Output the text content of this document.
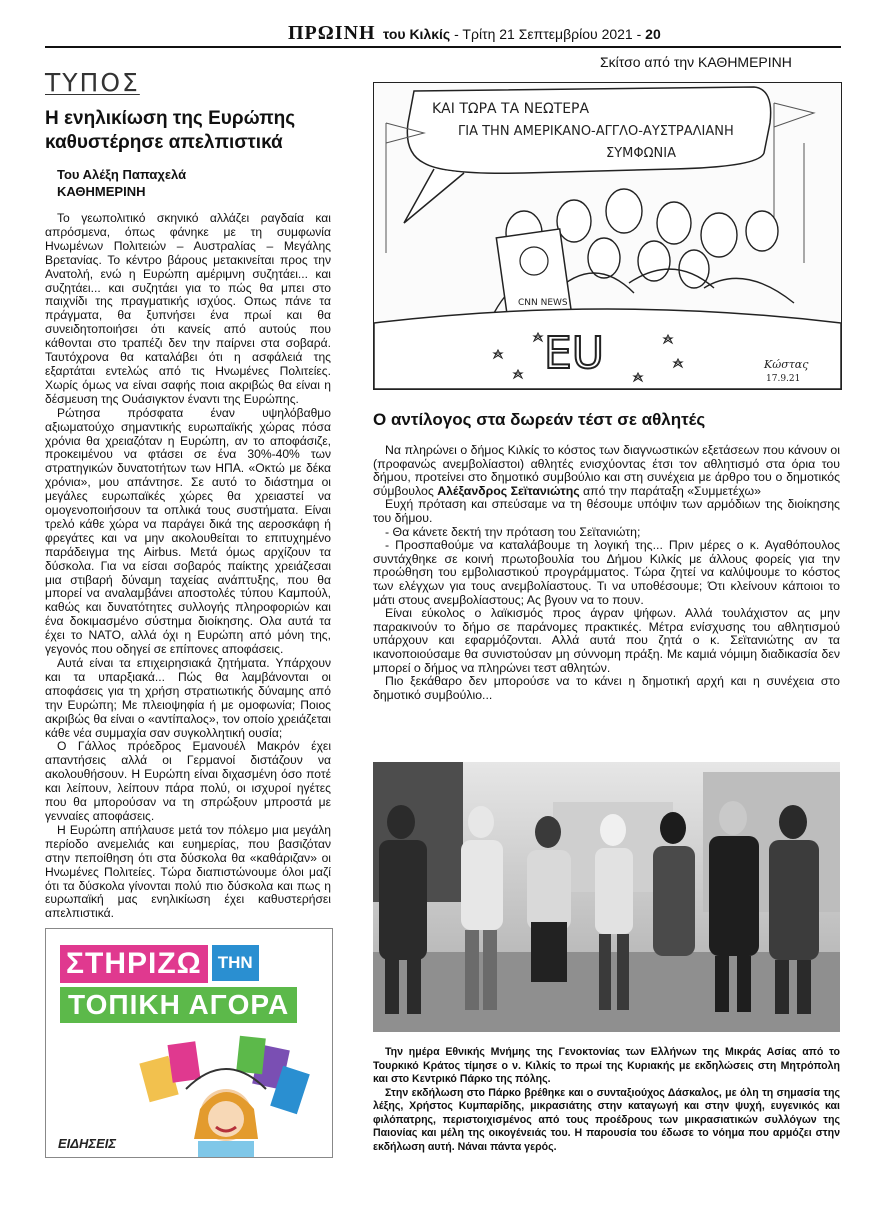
ΠΡΩΙΝΗ του Κιλκίς - Τρίτη 21 Σεπτεμβρίου 2021 - 20
ΤΥΠΟΣ
Η ενηλικίωση της Ευρώπης
καθυστέρησε απελπιστικά
Του Αλέξη Παπαχελά
ΚΑΘΗΜΕΡΙΝΗ

Το γεωπολιτικό σκηνικό αλλάζει ραγδαία και απρόσμενα, όπως φάνηκε με τη συμφωνία Ηνωμένων Πολιτειών – Αυστραλίας – Μεγάλης Βρετανίας. Το κέντρο βάρους μετακινείται προς την Ανατολή, ενώ η Ευρώπη αμέριμνη συζητάει... και συζητάει... και συζητάει για το πώς θα μπει στο παιχνίδι της πραγματικής ισχύος. Οπως πάνε τα πράγματα, θα ξυπνήσει ένα πρωί και θα συνειδητοποιήσει ότι κανείς από αυτούς που κάθονται στο τραπέζι δεν την παίρνει στα σοβαρά. Ταυτόχρονα θα καταλάβει ότι η ασφάλειά της εξαρτάται εντελώς από τις Ηνωμένες Πολιτείες. Χωρίς όμως να είναι σαφής ποια ακριβώς θα είναι η δέσμευση της Ουάσιγκτον έναντι της Ευρώπης.

Ρώτησα πρόσφατα έναν υψηλόβαθμο αξιωματούχο σημαντικής ευρωπαϊκής χώρας πόσα χρόνια θα χρειαζόταν η Ευρώπη, αν το αποφάσιζε, προκειμένου να φτάσει σε ένα 30%-40% των στρατηγικών δυνατοτήτων των ΗΠΑ. «Οκτώ με δέκα χρόνια», μου απάντησε. Σε αυτό το διάστημα οι μεγάλες ευρωπαϊκές χώρες θα χρειαστεί να ομογενοποιήσουν τα οπλικά τους συστήματα. Είναι τρελό κάθε χώρα να παράγει δικά της αεροσκάφη ή φρεγάτες και να μην ακολουθείται το επιτυχημένο παράδειγμα της Airbus. Μετά όμως αρχίζουν τα δύσκολα. Για να είσαι σοβαρός παίκτης χρειάζεσαι μια στιβαρή δύναμη ταχείας ανάπτυξης, που θα μπορεί να αναλαμβάνει αποστολές τύπου Καμπούλ, καθώς και δυνατότητες συλλογής πληροφοριών και ένα δοκιμασμένο σύστημα διοίκησης. Ολα αυτά τα έχει το ΝΑΤΟ, αλλά όχι η Ευρώπη από μόνη της, γεγονός που οδηγεί σε επίπονες αποφάσεις.

Αυτά είναι τα επιχειρησιακά ζητήματα. Υπάρχουν και τα υπαρξιακά... Πώς θα λαμβάνονται οι αποφάσεις για τη χρήση στρατιωτικής δύναμης από την Ευρώπη; Με πλειοψηφία ή με ομοφωνία; Ποιος ακριβώς θα είναι ο «αντίπαλος», τον οποίο χρειάζεται κάθε νέα συμμαχία σαν συγκολλητική ουσία;

Ο Γάλλος πρόεδρος Εμανουέλ Μακρόν έχει απαντήσεις αλλά οι Γερμανοί διστάζουν να ακολουθήσουν. Η Ευρώπη είναι διχασμένη όσο ποτέ και λείπουν, λείπουν πάρα πολύ, οι ισχυροί ηγέτες που θα μπορούσαν να τη σπρώξουν μπροστά με γενναίες αποφάσεις.

Η Ευρώπη απήλαυσε μετά τον πόλεμο μια μεγάλη περίοδο ανεμελιάς και ευημερίας, που βασιζόταν στην πεποίθηση ότι στα δύσκολα θα «καθάριζαν» οι Ηνωμένες Πολιτείες. Τώρα διαπιστώνουμε όλοι μαζί ότι τα δύσκολα γίνονται πολύ πιο δύσκολα και πως η ευρωπαϊκή μας ενηλικίωση έχει καθυστερήσει απελπιστικά.

ΣΤΗΡΙΖΩ ΤΗΝ
ΤΟΠΙΚΗ ΑΓΟΡΑ
ΕΙΔΗΣΕΙΣ
Σκίτσο από την ΚΑΘΗΜΕΡΙΝΗ
ΚΑΙ ΤΩΡΑ ΤΑ ΝΕΩΤΕΡΑ
ΓΙΑ ΤΗΝ ΑΜΕΡΙΚΑΝΟ-ΑΓΓΛΟ-ΑΥΣΤΡΑΛΙΑΝΗ
ΣΥΜΦΩΝΙΑ
CNN NEWS
EU	Κώστας
17.9.21
Ο αντίλογος στα δωρεάν τέστ σε αθλητές

Να πληρώνει ο δήμος Κιλκίς το κόστος των διαγνωστικών εξετάσεων που κάνουν οι (προφανώς ανεμβολίαστοι) αθλητές ενισχύοντας έτσι τον αθλητισμό στα όρια του δήμου, προτείνει στο δημοτικό συμβούλιο και στη συνέχεια με άρθρο του ο δημοτικός σύμβουλος Αλέξανδρος Σεϊτανιώτης από την παράταξη «Συμμετέχω»

Ευχή πρόταση και σπεύσαμε να τη θέσουμε υπόψιν των αρμόδιων της διοίκησης του δήμου.

- Θα κάνετε δεκτή την πρόταση του Σεϊτανιώτη;

- Προσπαθούμε να καταλάβουμε τη λογική της... Πριν μέρες ο κ. Αγαθόπουλος συντάχθηκε σε κοινή πρωτοβουλία του Δήμου Κιλκίς με άλλους φορείς για την προώθηση του εμβολιαστικού προγράμματος. Τώρα ζητεί να καλύψουμε το κόστος των ελέγχων για τους ανεμβολίαστους. Τι να υποθέσουμε; Ότι κλείνουν κάποιοι το μάτι στους ανεμβολίαστους; Ας βγουν να το πουν.

Είναι εύκολος ο λαϊκισμός προς άγραν ψήφων. Αλλά τουλάχιστον ας μην παρακινούν το δήμο σε παράνομες πρακτικές. Μέτρα ενίσχυσης του αθλητισμού υπάρχουν και εφαρμόζονται. Αλλά αυτά που ζητά ο κ. Σεϊτανιώτης αν τα ικανοποιούσαμε θα συνιστούσαν μη σύννομη πράξη. Με καμιά νόμιμη διαδικασία δεν μπορεί ο δήμος να πληρώνει τεστ αθλητών.

Πιο ξεκάθαρο δεν μπορούσε να το κάνει η δημοτική αρχή και η συνέχεια στο δημοτικό συμβούλιο...

Την ημέρα Εθνικής Μνήμης της Γενοκτονίας των Ελλήνων της Μικράς Ασίας από το Τουρκικό Κράτος τίμησε ο ν. Κιλκίς το πρωί της Κυριακής με εκδηλώσεις στη Μητρόπολη και στο Κεντρικό Πάρκο της πόλης.

Στην εκδήλωση στο Πάρκο βρέθηκε και ο συνταξιούχος Δάσκαλος, με όλη τη σημασία της λέξης, Χρήστος Κυμπαρίδης, μικρασιάτης στην καταγωγή και στην ψυχή, ευγενικός και φιλόπατρης, περιστοιχισμένος από τους προέδρους των μικρασιατικών συλλόγων της Παιονίας και μέλη της οικογένειάς του. Η παρουσία του έδωσε το νόημα που αρμόζει στην εκδήλωση αυτή. Νάναι πάντα γερός.
